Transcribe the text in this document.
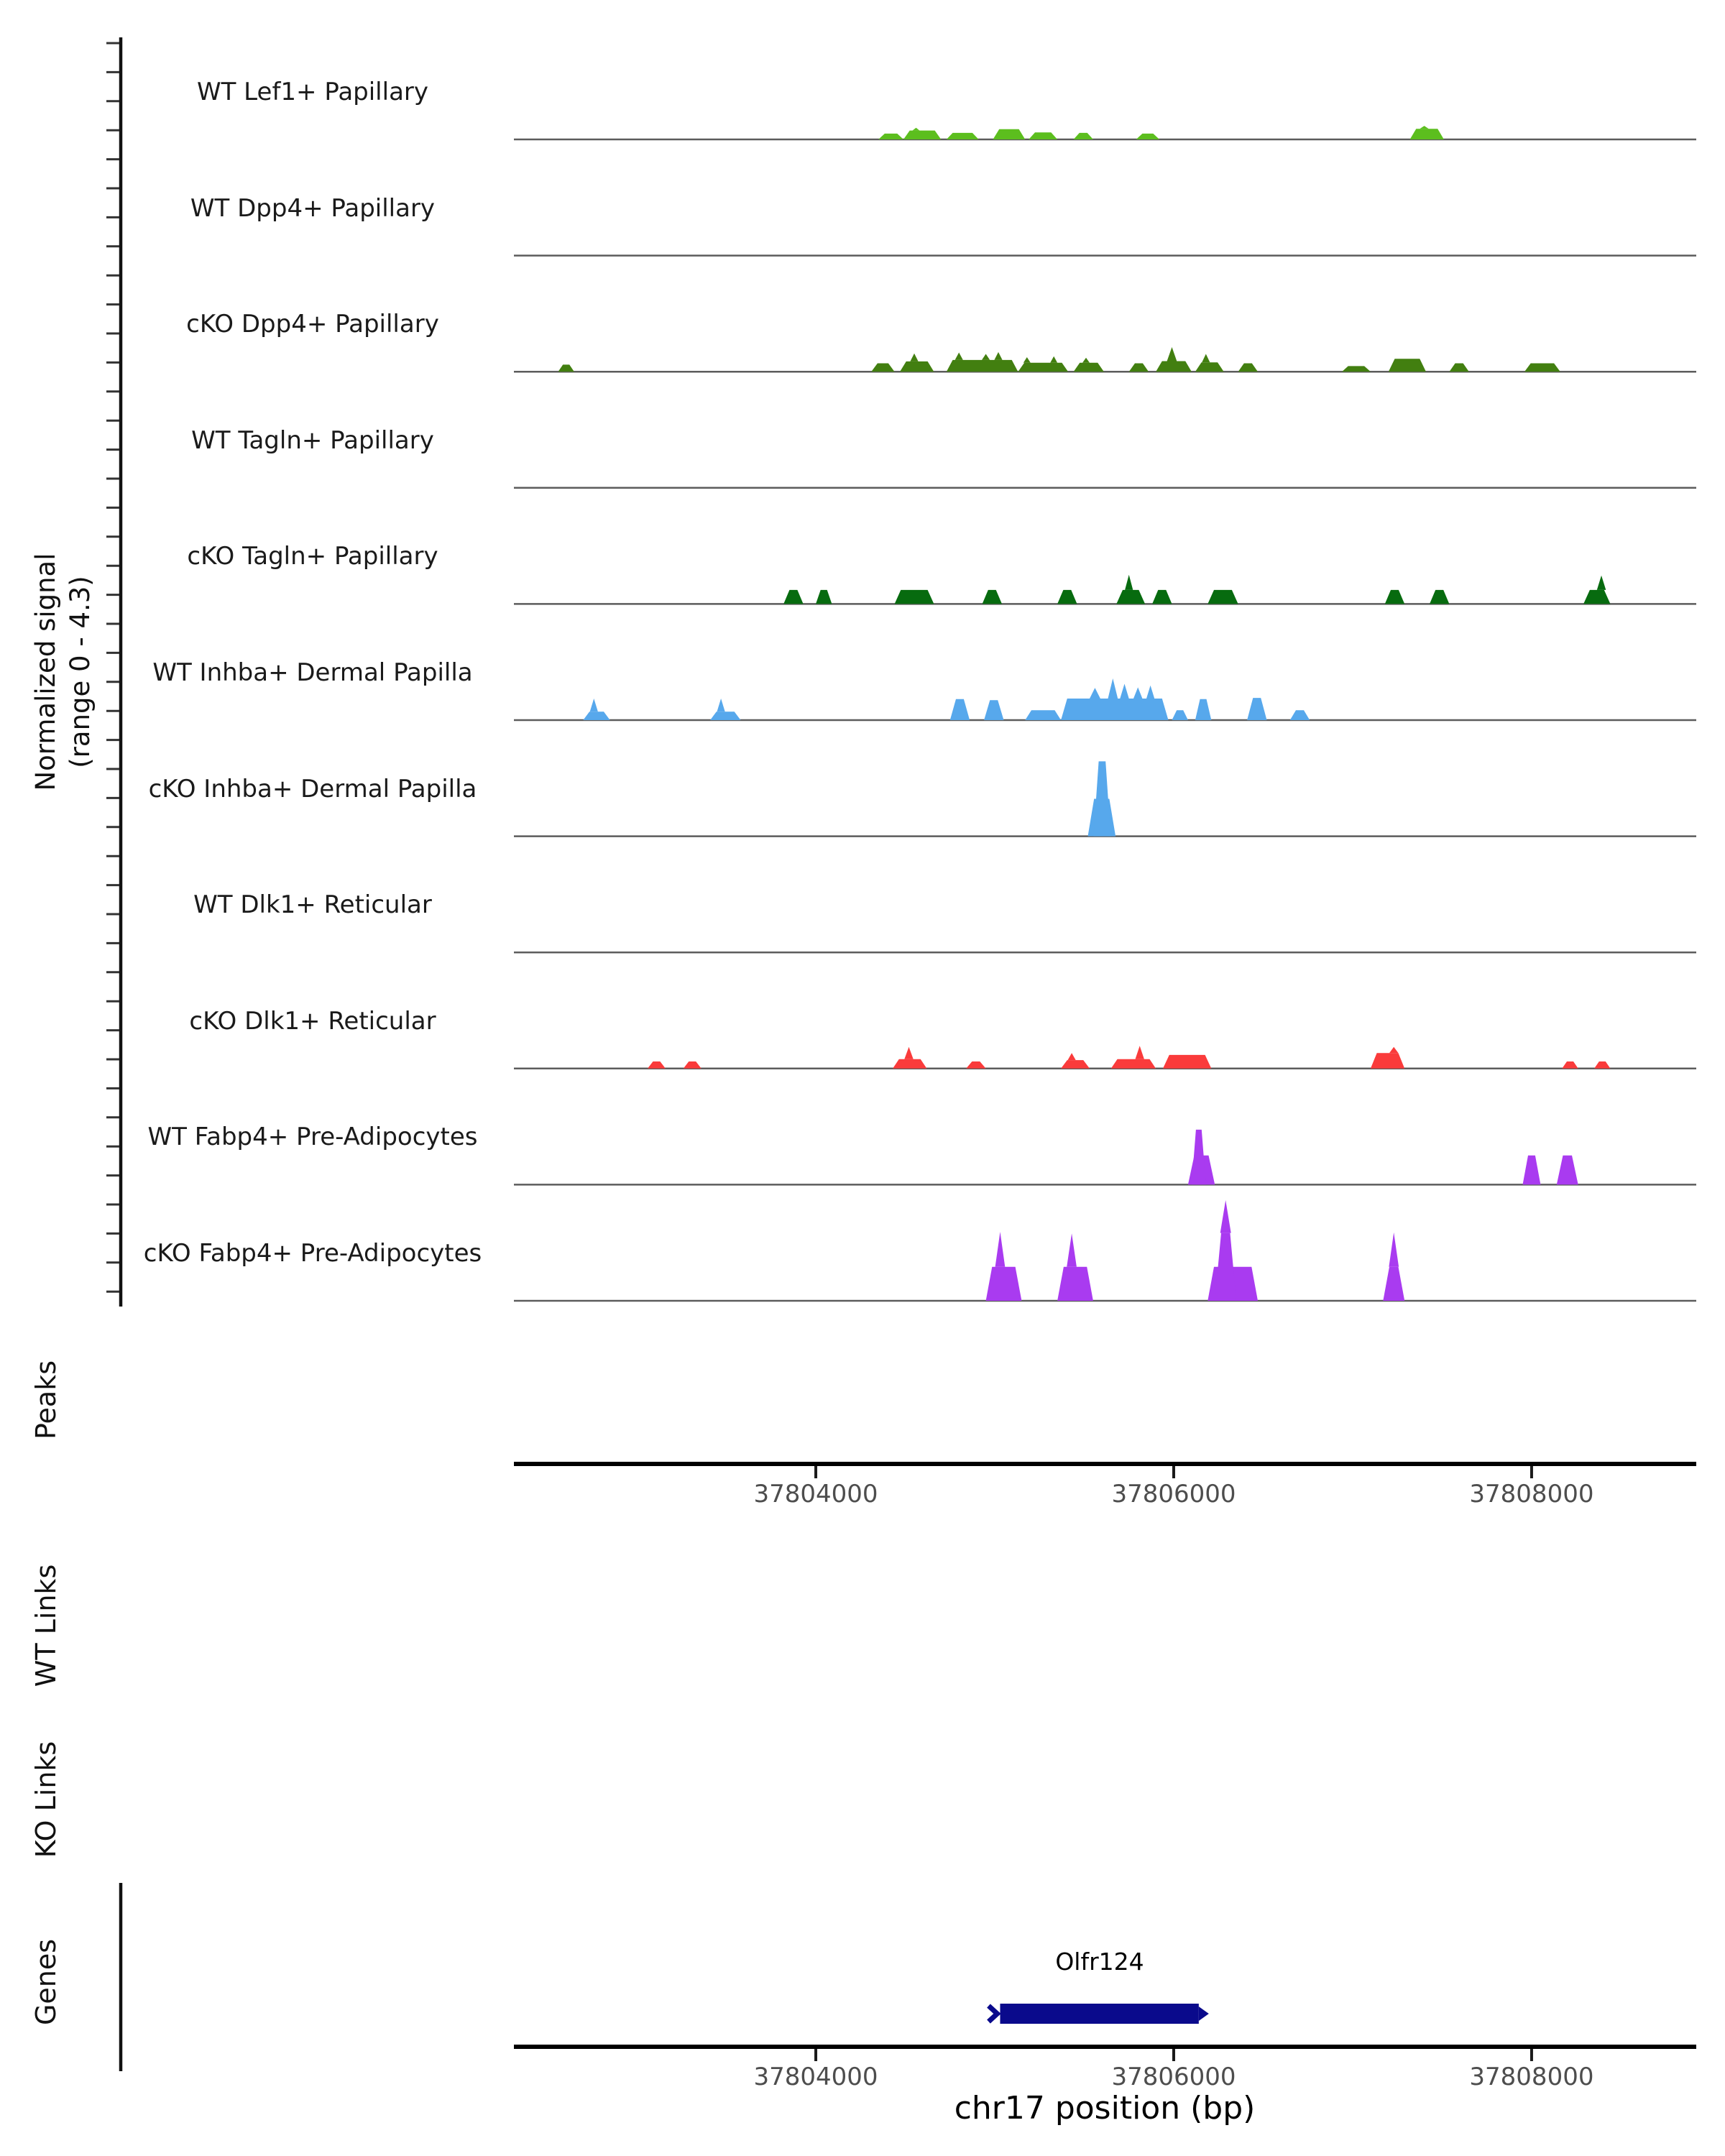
Normalized signal (range 0 - 4.3)
Peaks
WT Links
KO Links
Genes	Olfr124
chr17 position (bp)
WT Lef1+ Papillary
WT Dpp4+ Papillary
cKO Dpp4+ Papillary
WT Tagln+ Papillary
cKO Tagln+ Papillary
WT Inhba+ Dermal Papilla
cKO Inhba+ Dermal Papilla
WT Dlk1+ Reticular
cKO Dlk1+ Reticular
WT Fabp4+ Pre-Adipocytes
cKO Fabp4+ Pre-Adipocytes
37804000	37806000	37808000
37804000	37806000	37808000
